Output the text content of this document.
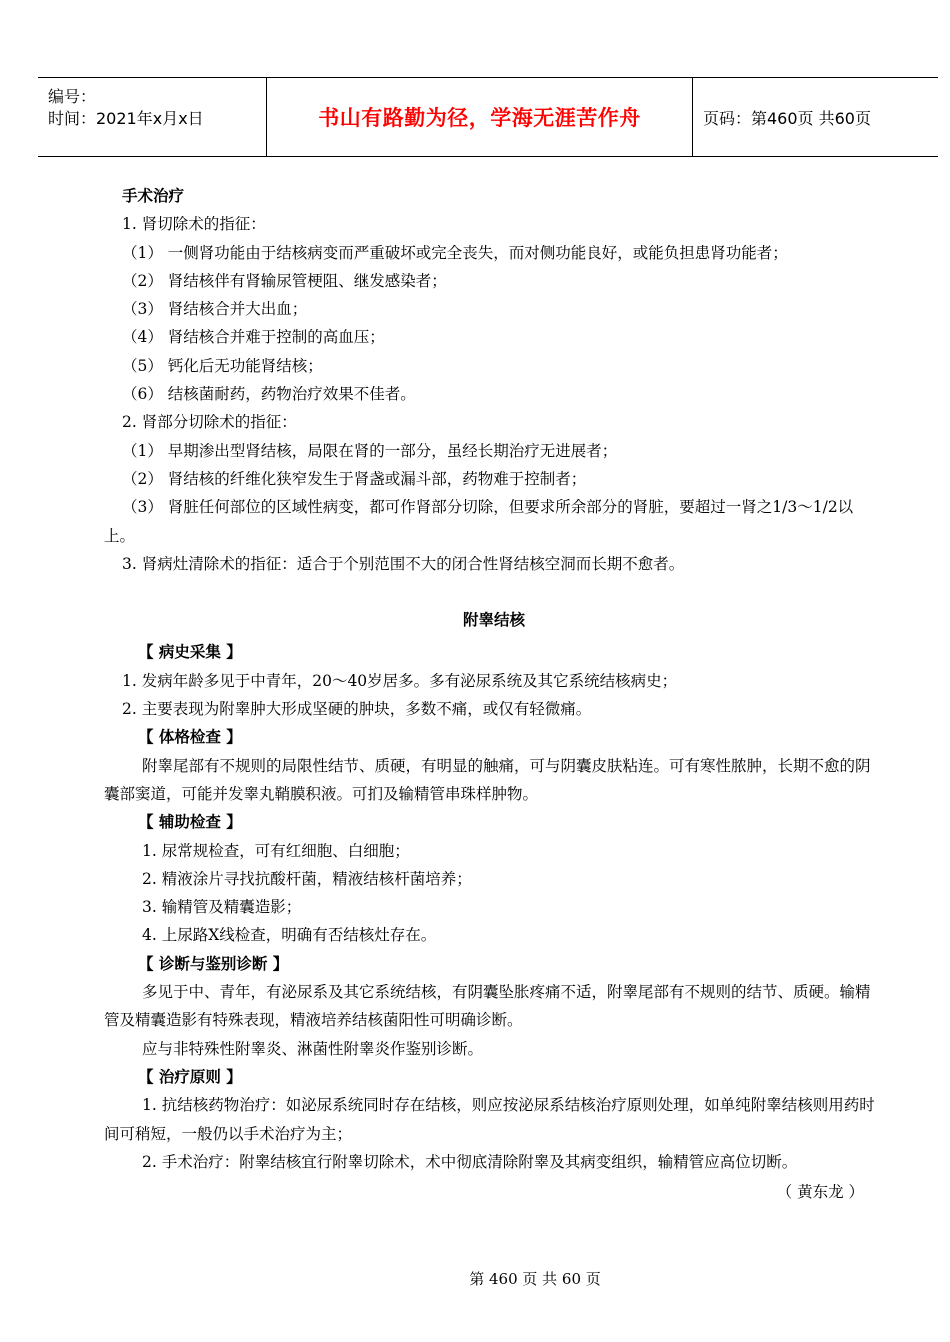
编号：
时间：2021年x月x日	书山有路勤为径，学海无涯苦作舟	页码：第460页 共60页

手术治疗

1. 肾切除术的指征：

（1） 一侧肾功能由于结核病变而严重破坏或完全丧失，而对侧功能良好，或能负担患肾功能者；

（2） 肾结核伴有肾输尿管梗阻、继发感染者；

（3） 肾结核合并大出血；

（4） 肾结核合并难于控制的高血压；

（5） 钙化后无功能肾结核；

（6） 结核菌耐药，药物治疗效果不佳者。

2. 肾部分切除术的指征：

（1） 早期渗出型肾结核，局限在肾的一部分，虽经长期治疗无进展者；

（2） 肾结核的纤维化狭窄发生于肾盏或漏斗部，药物难于控制者；

（3） 肾脏任何部位的区域性病变，都可作肾部分切除，但要求所余部分的肾脏，要超过一肾之1/3～1/2以上。

3. 肾病灶清除术的指征：适合于个别范围不大的闭合性肾结核空洞而长期不愈者。

附睾结核

【 病史采集 】

1. 发病年龄多见于中青年，20～40岁居多。多有泌尿系统及其它系统结核病史；

2. 主要表现为附睾肿大形成坚硬的肿块，多数不痛，或仅有轻微痛。

【 体格检查 】

附睾尾部有不规则的局限性结节、质硬，有明显的触痛，可与阴囊皮肤粘连。可有寒性脓肿，长期不愈的阴囊部窦道，可能并发睾丸鞘膜积液。可扪及输精管串珠样肿物。

【 辅助检查 】

1. 尿常规检查，可有红细胞、白细胞；

2. 精液涂片寻找抗酸杆菌，精液结核杆菌培养；

3. 输精管及精囊造影；

4. 上尿路X线检查，明确有否结核灶存在。

【 诊断与鉴别诊断 】

多见于中、青年，有泌尿系及其它系统结核，有阴囊坠胀疼痛不适，附睾尾部有不规则的结节、质硬。输精管及精囊造影有特殊表现，精液培养结核菌阳性可明确诊断。

应与非特殊性附睾炎、淋菌性附睾炎作鉴别诊断。

【 治疗原则 】

1. 抗结核药物治疗：如泌尿系统同时存在结核，则应按泌尿系结核治疗原则处理，如单纯附睾结核则用药时间可稍短，一般仍以手术治疗为主；

2. 手术治疗：附睾结核宜行附睾切除术，术中彻底清除附睾及其病变组织，输精管应高位切断。

（ 黄东龙 ）

第 460 页 共 60 页
